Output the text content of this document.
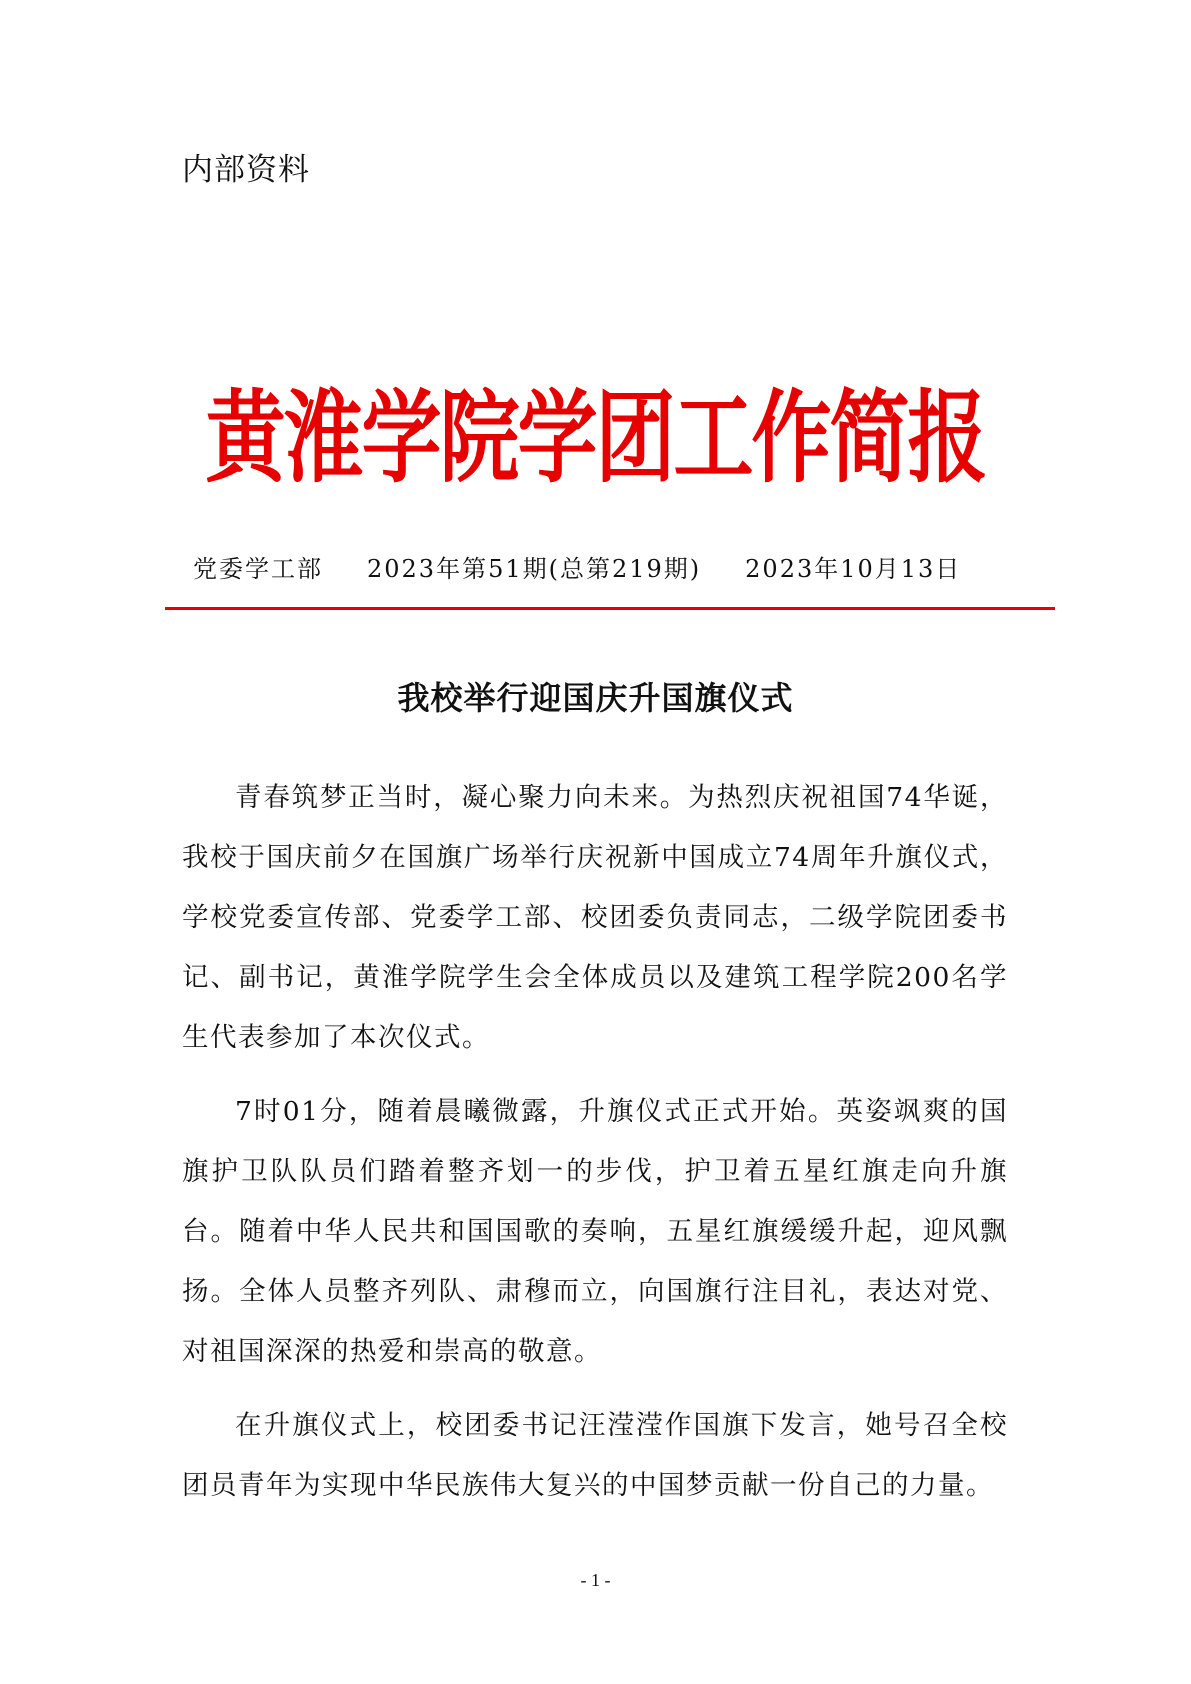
内部资料
黄淮学院学团工作简报
党委学工部 2023年第51期(总第219期) 2023年10月13日
我校举行迎国庆升国旗仪式

青春筑梦正当时，凝心聚力向未来。为热烈庆祝祖国74华诞，我校于国庆前夕在国旗广场举行庆祝新中国成立74周年升旗仪式，学校党委宣传部、党委学工部、校团委负责同志，二级学院团委书记、副书记，黄淮学院学生会全体成员以及建筑工程学院200名学生代表参加了本次仪式。

7时01分，随着晨曦微露，升旗仪式正式开始。英姿飒爽的国旗护卫队队员们踏着整齐划一的步伐，护卫着五星红旗走向升旗台。随着中华人民共和国国歌的奏响，五星红旗缓缓升起，迎风飘扬。全体人员整齐列队、肃穆而立，向国旗行注目礼，表达对党、对祖国深深的热爱和崇高的敬意。

在升旗仪式上，校团委书记汪滢滢作国旗下发言，她号召全校团员青年为实现中华民族伟大复兴的中国梦贡献一份自己的力量。

- 1 -
